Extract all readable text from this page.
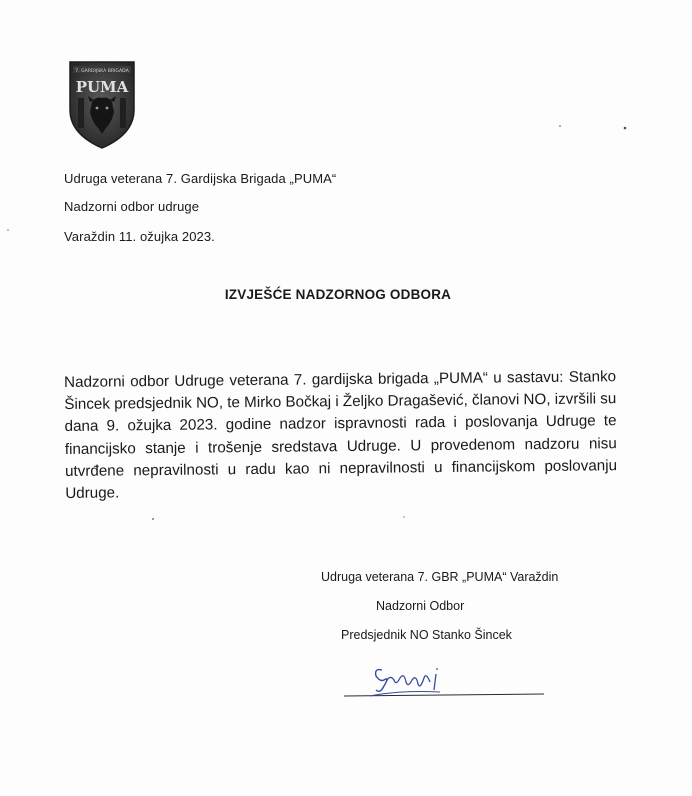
7. GARDIJSKA BRIGADA
PUMA
Udruga veterana 7. Gardijska Brigada „PUMA“
Nadzorni odbor udruge
Varaždin 11. ožujka 2023.
IZVJEŠĆE NADZORNOG ODBORA
Nadzorni odbor Udruge veterana 7. gardijska brigada „PUMA“ u sastavu: Stanko Šincek predsjednik NO, te Mirko Bočkaj i Željko Dragašević, članovi NO, izvršili su dana 9. ožujka 2023. godine nadzor ispravnosti rada i poslovanja Udruge te financijsko stanje i trošenje sredstava Udruge. U provedenom nadzoru nisu utvrđene nepravilnosti u radu kao ni nepravilnosti u financijskom poslovanju Udruge.
Udruga veterana 7. GBR „PUMA“ Varaždin
Nadzorni Odbor
Predsjednik NO Stanko Šincek
